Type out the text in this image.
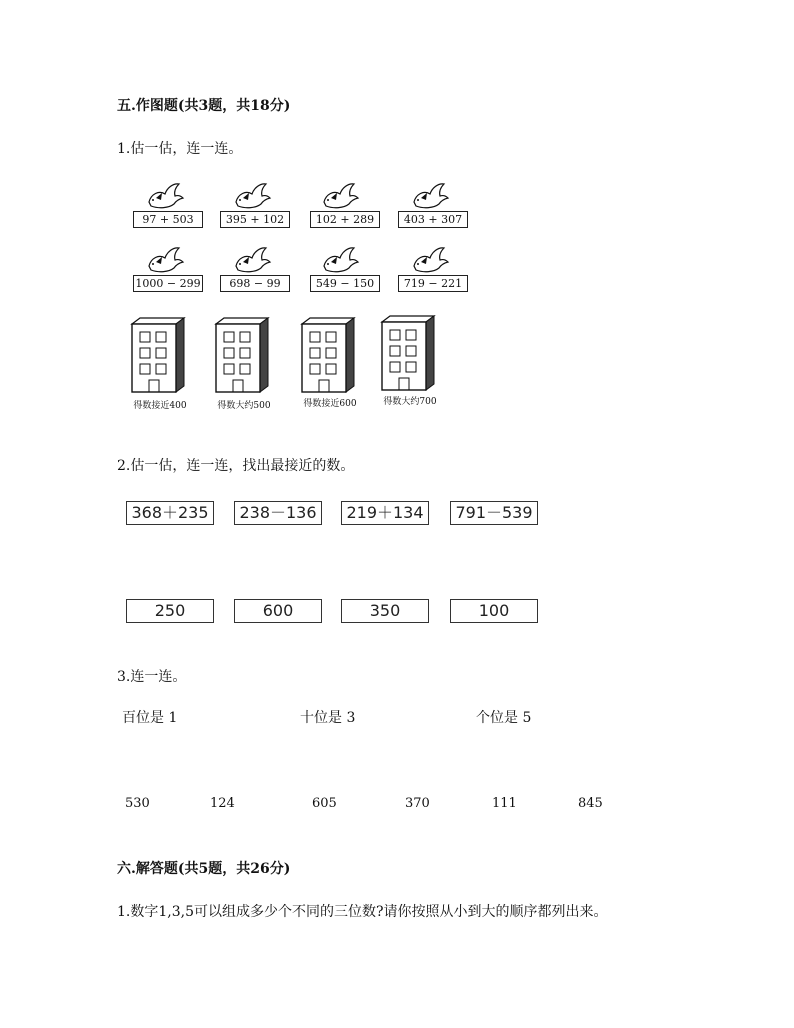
五.作图题(共3题，共18分)
1.估一估，连一连。
97 + 503	395 + 102	102 + 289	403 + 307
1000 − 299	698 − 99	549 − 150	719 − 221
得数接近400	得数大约500	得数接近600	得数大约700
2.估一估，连一连，找出最接近的数。
368＋235	238－136	219＋134	791－539
250	600	350	100
3.连一连。
百位是 1	十位是 3	个位是 5
530	124	605	370	111	845
六.解答题(共5题，共26分)
1.数字1,3,5可以组成多少个不同的三位数?请你按照从小到大的顺序都列出来。
